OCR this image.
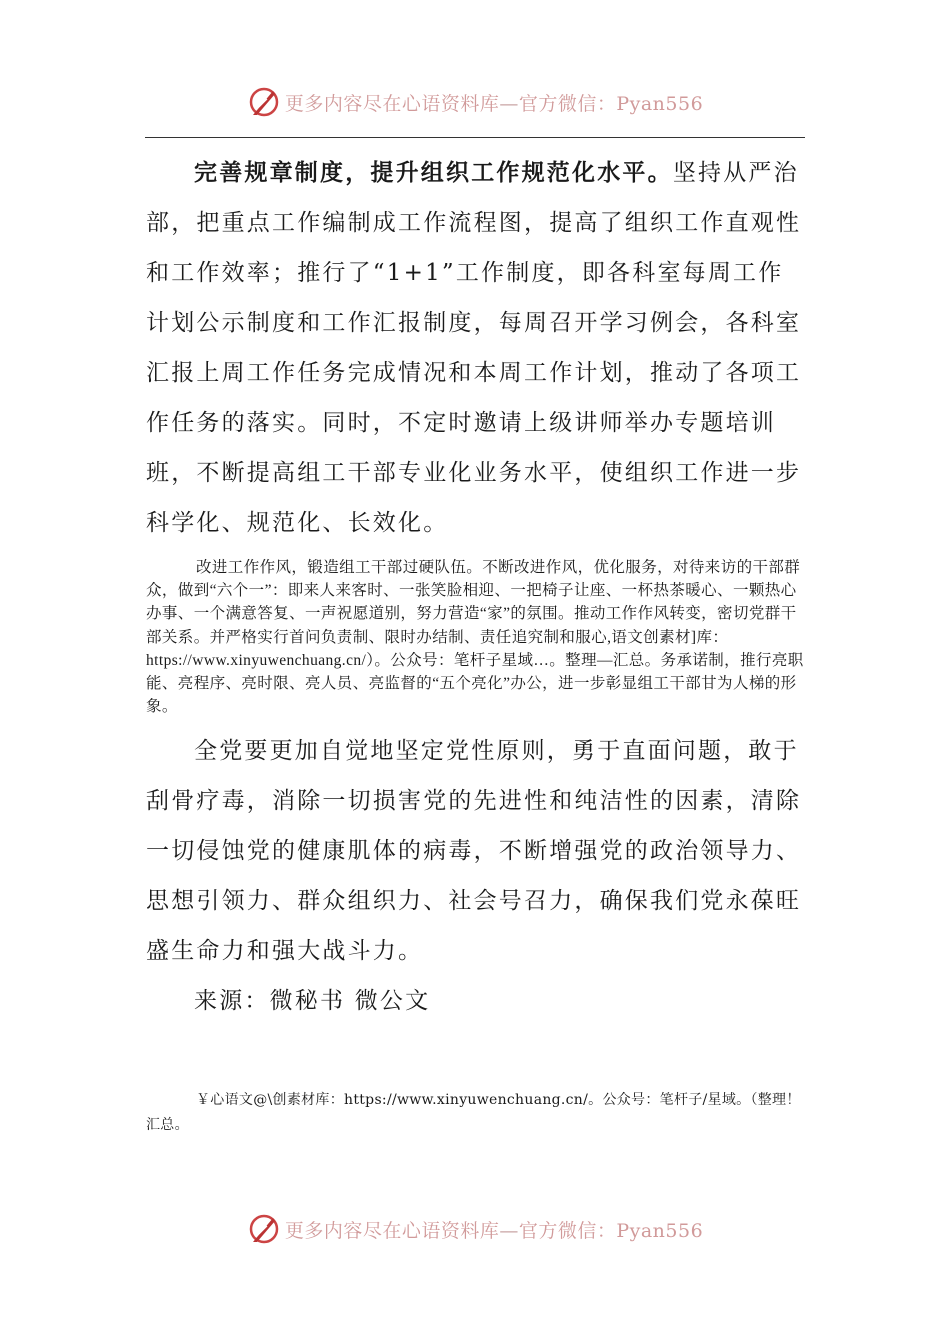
更多内容尽在心语资料库—官方微信：Pyan556

完善规章制度，提升组织工作规范化水平。坚持从严治部，把重点工作编制成工作流程图，提高了组织工作直观性和工作效率；推行了“1+1”工作制度，即各科室每周工作计划公示制度和工作汇报制度，每周召开学习例会，各科室汇报上周工作任务完成情况和本周工作计划，推动了各项工作任务的落实。同时，不定时邀请上级讲师举办专题培训班，不断提高组工干部专业化业务水平，使组织工作进一步科学化、规范化、长效化。

改进工作作风，锻造组工干部过硬队伍。不断改进作风，优化服务，对待来访的干部群众，做到“六个一”：即来人来客时、一张笑脸相迎、一把椅子让座、一杯热茶暖心、一颗热心办事、一个满意答复、一声祝愿道别，努力营造“家”的氛围。推动工作作风转变，密切党群干部关系。并严格实行首问负责制、限时办结制、责任追究制和服心,语文创素材]库：https://www.xinyuwenchuang.cn/）。公众号：笔杆子星域…。整理—汇总。务承诺制，推行亮职能、亮程序、亮时限、亮人员、亮监督的“五个亮化”办公，进一步彰显组工干部甘为人梯的形象。

全党要更加自觉地坚定党性原则，勇于直面问题，敢于刮骨疗毒，消除一切损害党的先进性和纯洁性的因素，清除一切侵蚀党的健康肌体的病毒，不断增强党的政治领导力、思想引领力、群众组织力、社会号召力，确保我们党永葆旺盛生命力和强大战斗力。

来源：微秘书 微公文

￥心语文@\创素材库：https://www.xinyuwenchuang.cn/。公众号：笔杆子/星域。（整理！汇总。
更多内容尽在心语资料库—官方微信：Pyan556
